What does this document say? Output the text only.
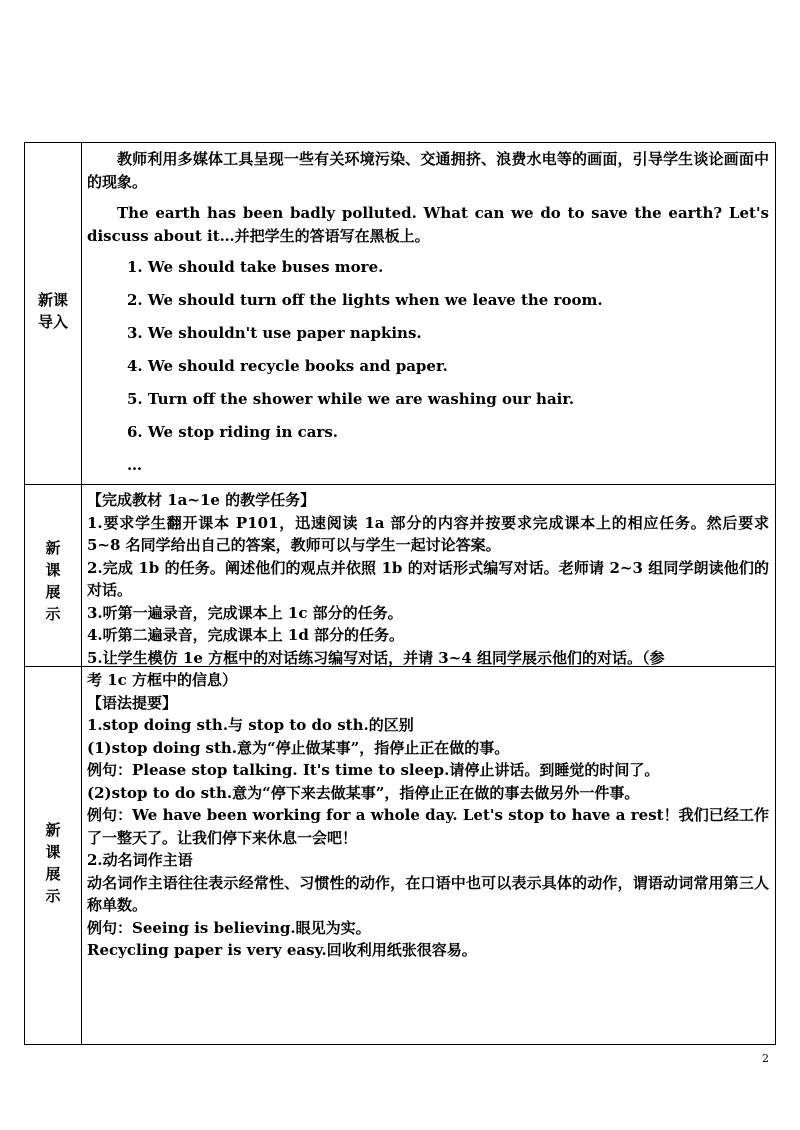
新课
导入

教师利用多媒体工具呈现一些有关环境污染、交通拥挤、浪费水电等的画面，引导学生谈论画面中的现象。

The earth has been badly polluted. What can we do to save the earth? Let's discuss about it…并把学生的答语写在黑板上。

1. We should take buses more.

2. We should turn off the lights when we leave the room.

3. We shouldn't use paper napkins.

4. We should recycle books and paper.

5. Turn off the shower while we are washing our hair.

6. We stop riding in cars.

…

新
课
展
示

【完成教材 1a~1e 的教学任务】

1.要求学生翻开课本 P101，迅速阅读 1a 部分的内容并按要求完成课本上的相应任务。然后要求 5~8 名同学给出自己的答案，教师可以与学生一起讨论答案。

2.完成 1b 的任务。阐述他们的观点并依照 1b 的对话形式编写对话。老师请 2~3 组同学朗读他们的对话。

3.听第一遍录音，完成课本上 1c 部分的任务。

4.听第二遍录音，完成课本上 1d 部分的任务。

5.让学生模仿 1e 方框中的对话练习编写对话，并请 3~4 组同学展示他们的对话。（参

新
课
展
示

考 1c 方框中的信息）

【语法提要】

1.stop doing sth.与 stop to do sth.的区别

(1)stop doing sth.意为“停止做某事”，指停止正在做的事。

例句：Please stop talking. It's time to sleep.请停止讲话。到睡觉的时间了。

(2)stop to do sth.意为“停下来去做某事”，指停止正在做的事去做另外一件事。

例句：We have been working for a whole day. Let's stop to have a rest！我们已经工作了一整天了。让我们停下来休息一会吧！

2.动名词作主语

动名词作主语往往表示经常性、习惯性的动作，在口语中也可以表示具体的动作，谓语动词常用第三人称单数。

例句：Seeing is believing.眼见为实。

Recycling paper is very easy.回收利用纸张很容易。

2
